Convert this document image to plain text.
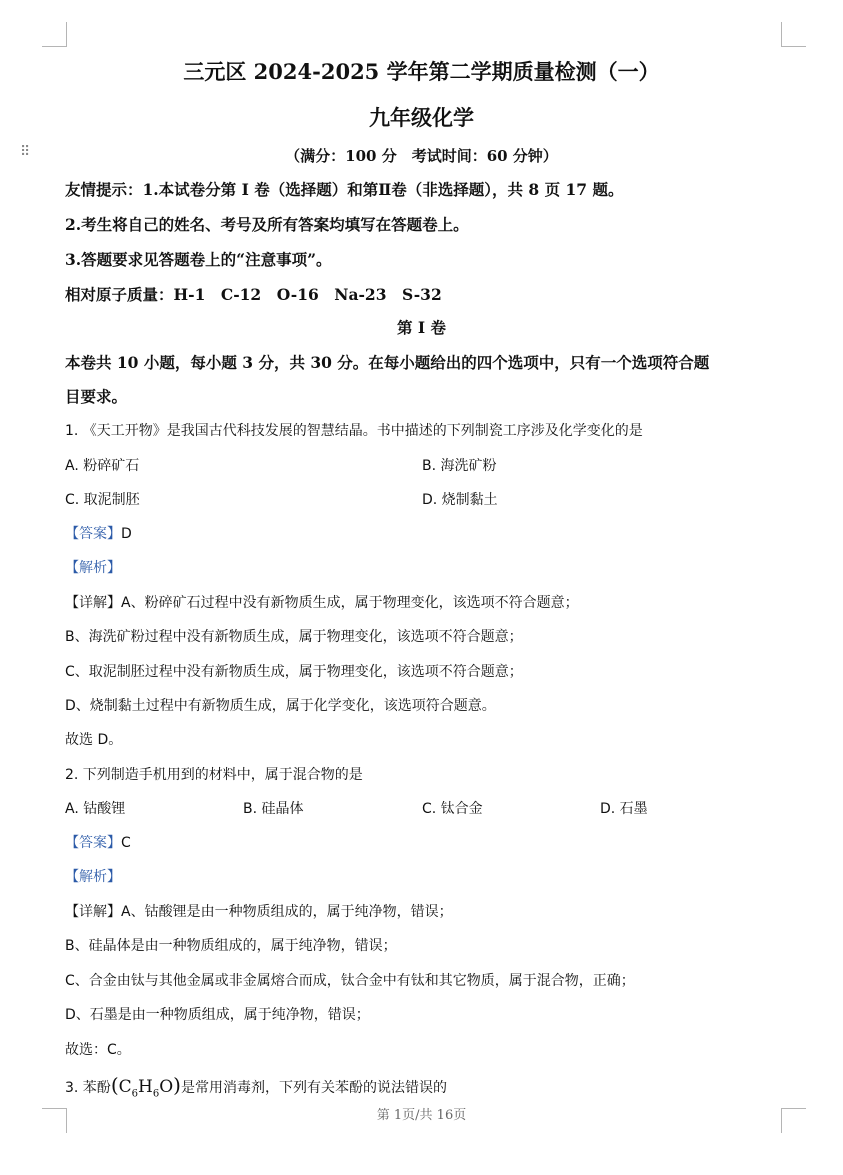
⠿
三元区 2024-2025 学年第二学期质量检测（一）
九年级化学
（满分：100 分　考试时间：60 分钟）
友情提示：1.本试卷分第 I 卷（选择题）和第Ⅱ卷（非选择题），共 8 页 17 题。
2.考生将自己的姓名、考号及所有答案均填写在答题卷上。
3.答题要求见答题卷上的“注意事项”。
相对原子质量：H-1　C-12　O-16　Na-23　S-32
第 I 卷
本卷共 10 小题，每小题 3 分，共 30 分。在每小题给出的四个选项中，只有一个选项符合题
目要求。
1. 《天工开物》是我国古代科技发展的智慧结晶。书中描述的下列制瓷工序涉及化学变化的是
A. 粉碎矿石	B. 海洗矿粉
C. 取泥制胚	D. 烧制黏土
【答案】D
【解析】
【详解】A、粉碎矿石过程中没有新物质生成，属于物理变化，该选项不符合题意；
B、海洗矿粉过程中没有新物质生成，属于物理变化，该选项不符合题意；
C、取泥制胚过程中没有新物质生成，属于物理变化，该选项不符合题意；
D、烧制黏土过程中有新物质生成，属于化学变化，该选项符合题意。
故选 D。
2. 下列制造手机用到的材料中，属于混合物的是
A. 钴酸锂	B. 硅晶体	C. 钛合金	D. 石墨
【答案】C
【解析】
【详解】A、钴酸锂是由一种物质组成的，属于纯净物，错误；
B、硅晶体是由一种物质组成的，属于纯净物，错误；
C、合金由钛与其他金属或非金属熔合而成，钛合金中有钛和其它物质，属于混合物，正确；
D、石墨是由一种物质组成，属于纯净物，错误；
故选：C。
3. 苯酚$(C_6H_6O)$是常用消毒剂，下列有关苯酚的说法错误的
第 1页/共 16页
